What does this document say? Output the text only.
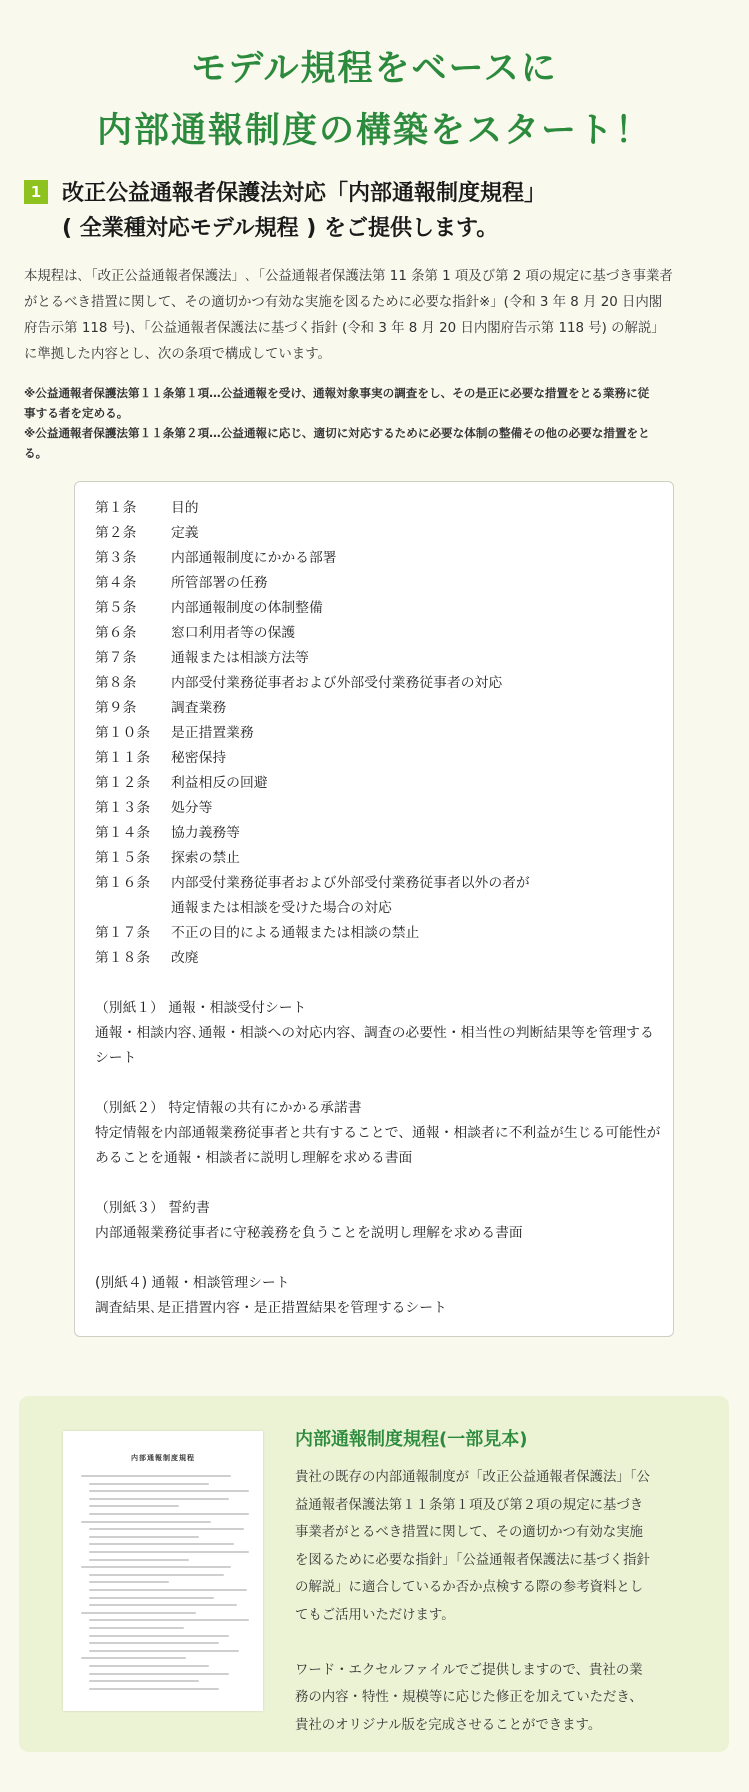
モデル規程をベースに
内部通報制度の構築をスタート！
1 改正公益通報者保護法対応「内部通報制度規程」
( 全業種対応モデル規程 ) をご提供します。
本規程は､「改正公益通報者保護法」､「公益通報者保護法第 11 条第 1 項及び第 2 項の規定に基づき事業者
がとるべき措置に関して、その適切かつ有効な実施を図るために必要な指針※」(令和 3 年 8 月 20 日内閣
府告示第 118 号)、「公益通報者保護法に基づく指針 (令和 3 年 8 月 20 日内閣府告示第 118 号) の解説」
に準拠した内容とし、次の条項で構成しています。
※公益通報者保護法第１１条第１項…公益通報を受け、通報対象事実の調査をし、その是正に必要な措置をとる業務に従
事する者を定める。
※公益通報者保護法第１１条第２項…公益通報に応じ、適切に対応するために必要な体制の整備その他の必要な措置をと
る。
第１条	目的
第２条	定義
第３条	内部通報制度にかかる部署
第４条	所管部署の任務
第５条	内部通報制度の体制整備
第６条	窓口利用者等の保護
第７条	通報または相談方法等
第８条	内部受付業務従事者および外部受付業務従事者の対応
第９条	調査業務
第１０条 是正措置業務
第１１条 秘密保持
第１２条 利益相反の回避
第１３条 処分等
第１４条 協力義務等
第１５条 探索の禁止
第１６条 内部受付業務従事者および外部受付業務従事者以外の者が
通報または相談を受けた場合の対応
第１７条 不正の目的による通報または相談の禁止
第１８条 改廃
（別紙１） 通報・相談受付シート
通報・相談内容､通報・相談への対応内容、調査の必要性・相当性の判断結果等を管理するシート
（別紙２） 特定情報の共有にかかる承諾書
特定情報を内部通報業務従事者と共有することで、通報・相談者に不利益が生じる可能性があることを通報・相談者に説明し理解を求める書面
（別紙３） 誓約書
内部通報業務従事者に守秘義務を負うことを説明し理解を求める書面
(別紙４) 通報・相談管理シート
調査結果､是正措置内容・是正措置結果を管理するシート
内部通報制度規程
内部通報制度規程(一部見本)

貴社の既存の内部通報制度が「改正公益通報者保護法」「公

益通報者保護法第１１条第１項及び第２項の規定に基づき

事業者がとるべき措置に関して、その適切かつ有効な実施

を図るために必要な指針」「公益通報者保護法に基づく指針

の解説」に適合しているか否か点検する際の参考資料とし

てもご活用いただけます。

ワード・エクセルファイルでご提供しますので、貴社の業

務の内容・特性・規模等に応じた修正を加えていただき、

貴社のオリジナル版を完成させることができます。
